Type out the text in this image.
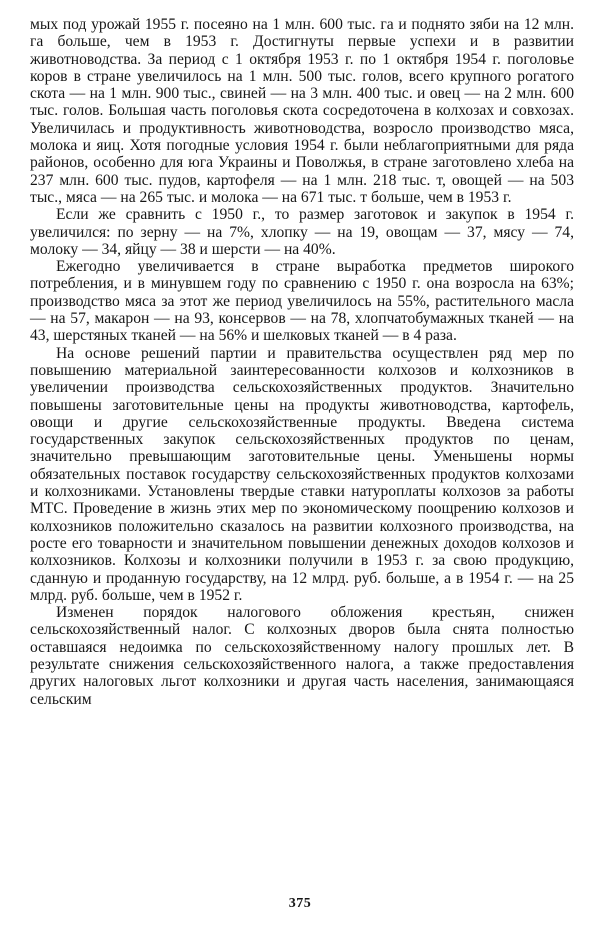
мых под урожай 1955 г. посеяно на 1 млн. 600 тыс. га и поднято зяби на 12 млн. га больше, чем в 1953 г. Достигнуты первые успехи и в развитии животноводства. За период с 1 октября 1953 г. по 1 октября 1954 г. поголовье коров в стране увеличилось на 1 млн. 500 тыс. голов, всего крупного рогатого скота — на 1 млн. 900 тыс., свиней — на 3 млн. 400 тыс. и овец — на 2 млн. 600 тыс. голов. Большая часть поголовья скота сосредоточена в колхозах и совхозах. Увеличилась и продуктивность животноводства, возросло производство мяса, молока и яиц. Хотя погодные условия 1954 г. были неблагоприятными для ряда районов, особенно для юга Украины и Поволжья, в стране заготовлено хлеба на 237 млн. 600 тыс. пудов, картофеля — на 1 млн. 218 тыс. т, овощей — на 503 тыс., мяса — на 265 тыс. и молока — на 671 тыс. т больше, чем в 1953 г.

Если же сравнить с 1950 г., то размер заготовок и закупок в 1954 г. увеличился: по зерну — на 7%, хлопку — на 19, овощам — 37, мясу — 74, молоку — 34, яйцу — 38 и шерсти — на 40%.

Ежегодно увеличивается в стране выработка предметов широкого потребления, и в минувшем году по сравнению с 1950 г. она возросла на 63%; производство мяса за этот же период увеличилось на 55%, растительного масла — на 57, макарон — на 93, консервов — на 78, хлопчатобумажных тканей — на 43, шерстяных тканей — на 56% и шелковых тканей — в 4 раза.

На основе решений партии и правительства осуществлен ряд мер по повышению материальной заинтересованности колхозов и колхозников в увеличении производства сельскохозяйственных продуктов. Значительно повышены заготовительные цены на продукты животноводства, картофель, овощи и другие сельскохозяйственные продукты. Введена система государственных закупок сельскохозяйственных продуктов по ценам, значительно превышающим заготовительные цены. Уменьшены нормы обязательных поставок государству сельскохозяйственных продуктов колхозами и колхозниками. Установлены твердые ставки натуроплаты колхозов за работы МТС. Проведение в жизнь этих мер по экономическому поощрению колхозов и колхозников положительно сказалось на развитии колхозного производства, на росте его товарности и значительном повышении денежных доходов колхозов и колхозников. Колхозы и колхозники получили в 1953 г. за свою продукцию, сданную и проданную государству, на 12 млрд. руб. больше, а в 1954 г. — на 25 млрд. руб. больше, чем в 1952 г.

Изменен порядок налогового обложения крестьян, снижен сельскохозяйственный налог. С колхозных дворов была снята полностью оставшаяся недоимка по сельскохозяйственному налогу прошлых лет. В результате снижения сельскохозяйственного налога, а также предоставления других налоговых льгот колхозники и другая часть населения, занимающаяся сельским

375
